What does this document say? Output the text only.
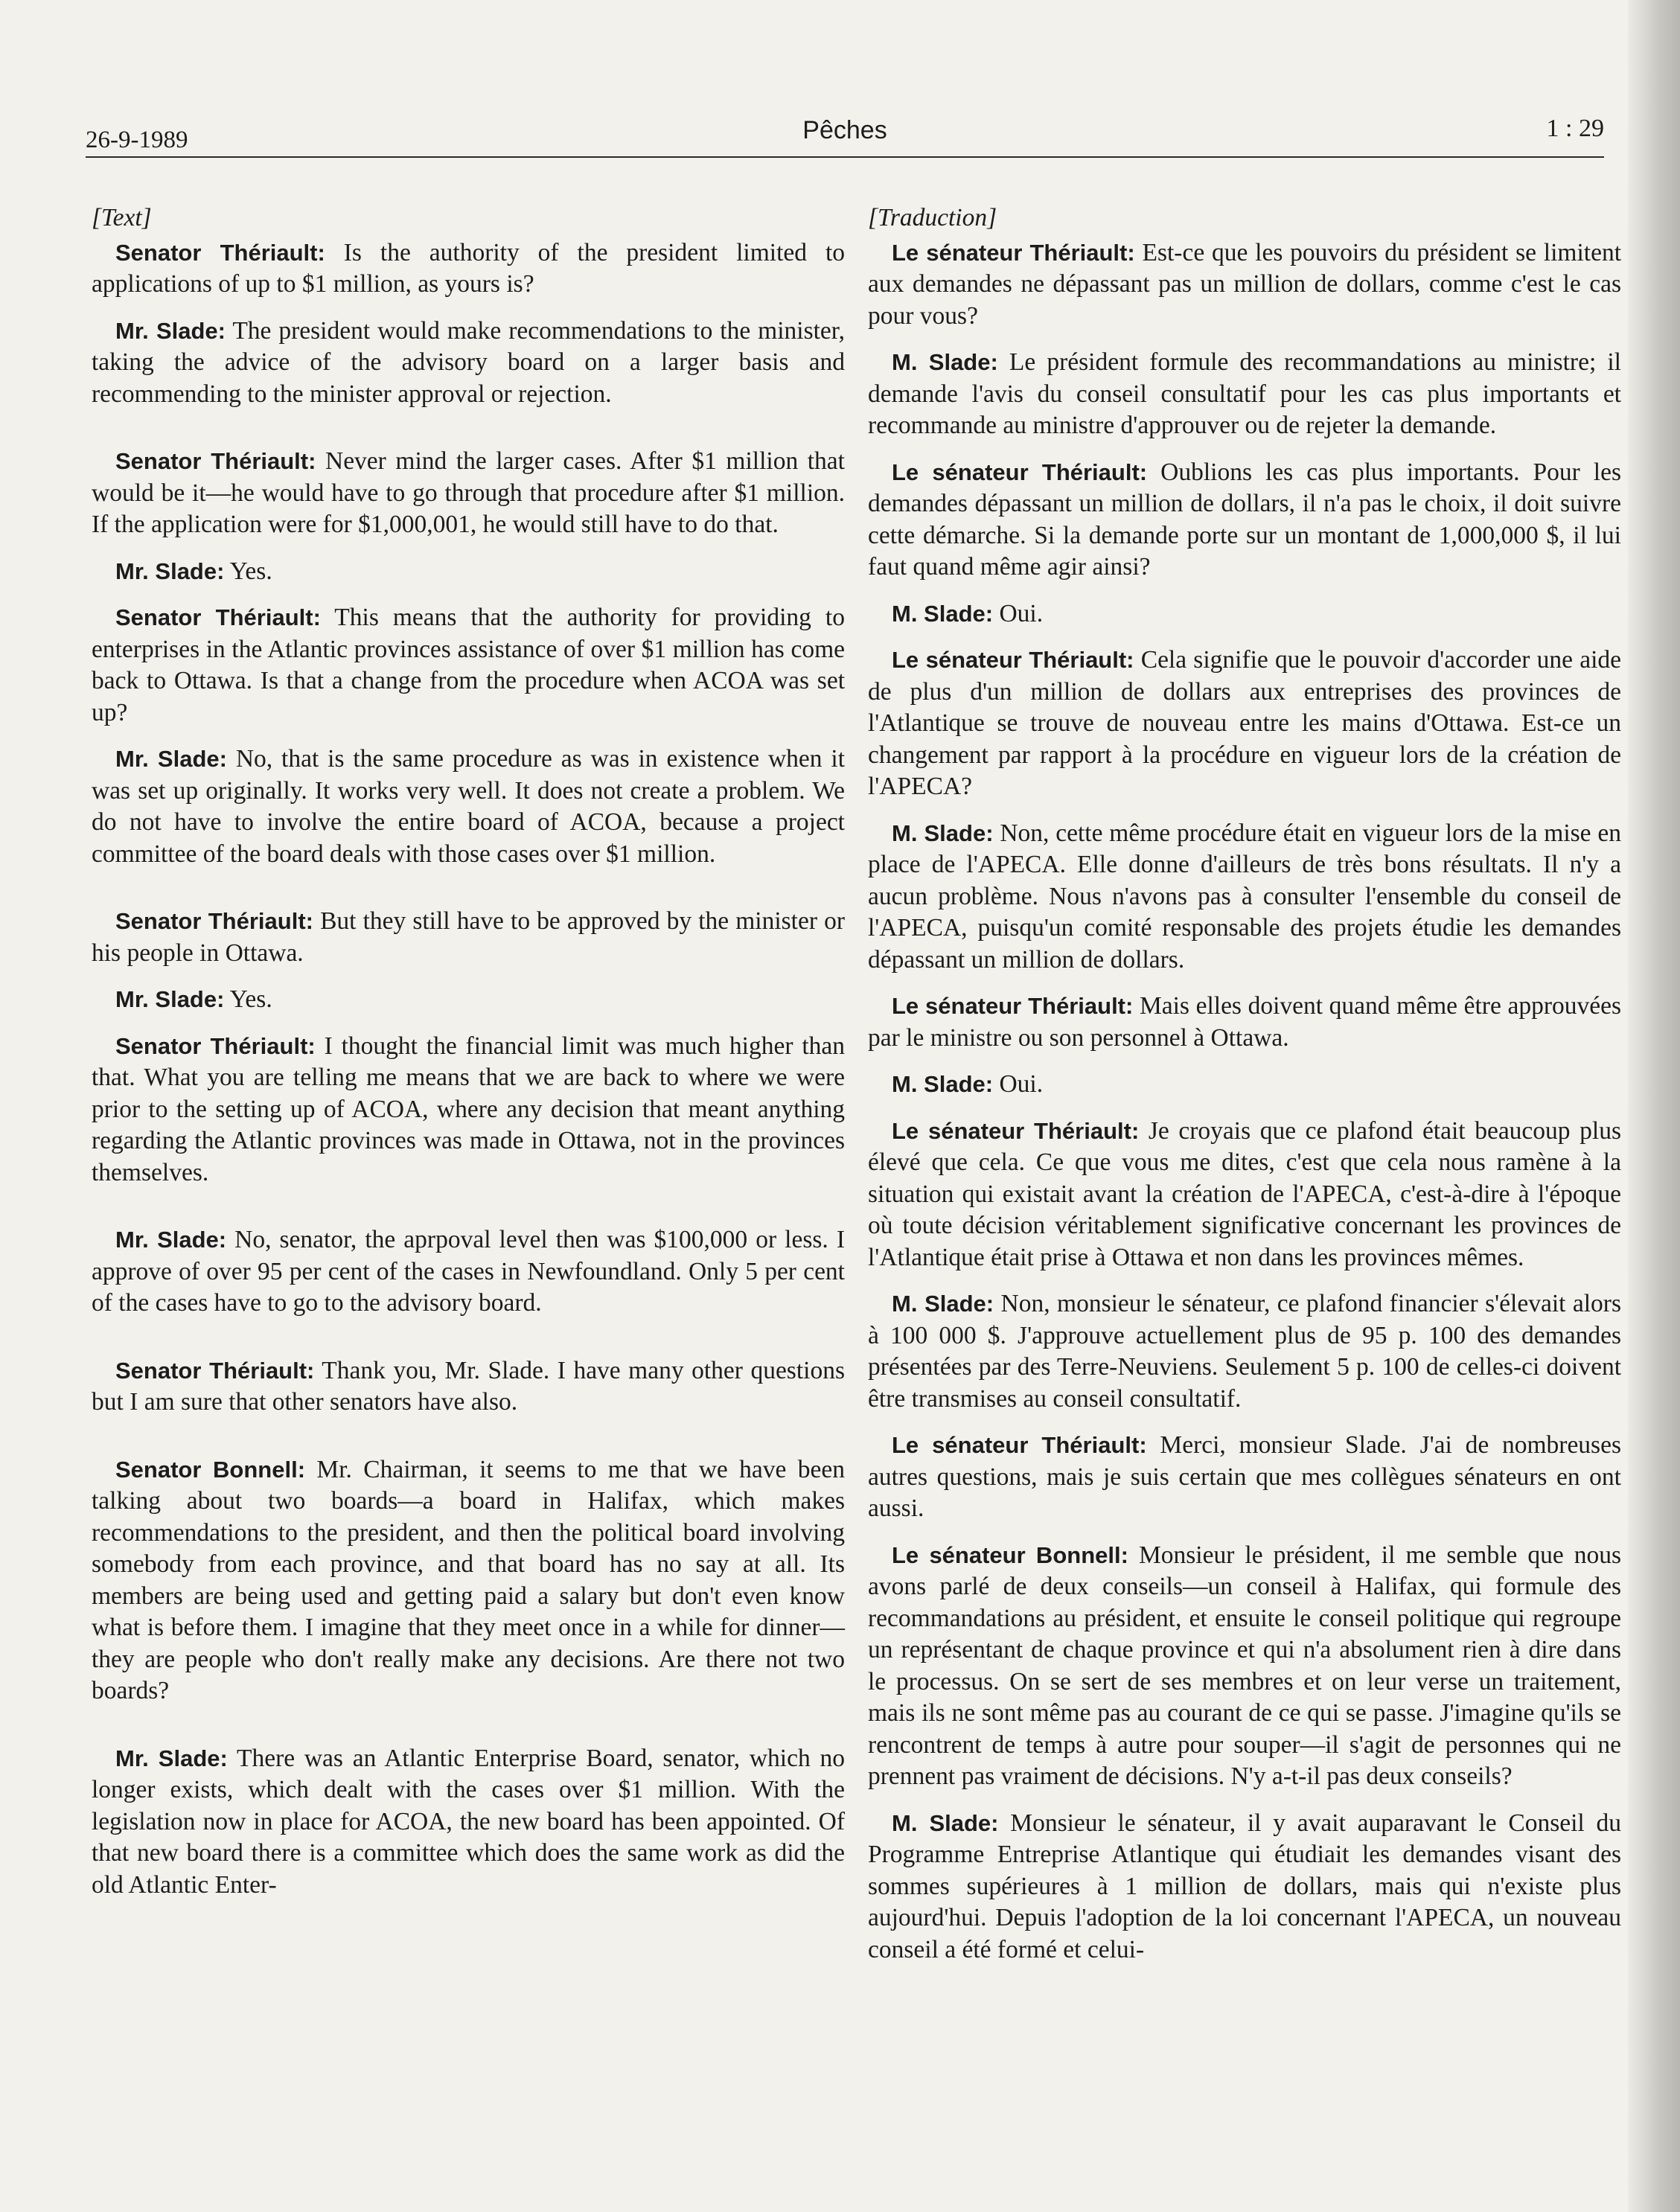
26-9-1989	Pêches	1 : 29
[Text]

Senator Thériault: Is the authority of the president limited to applications of up to $1 million, as yours is?

Mr. Slade: The president would make recommendations to the minister, taking the advice of the advisory board on a larger basis and recommending to the minister approval or rejection.

Senator Thériault: Never mind the larger cases. After $1 million that would be it—he would have to go through that procedure after $1 million. If the application were for $1,000,001, he would still have to do that.

Mr. Slade: Yes.

Senator Thériault: This means that the authority for providing to enterprises in the Atlantic provinces assistance of over $1 million has come back to Ottawa. Is that a change from the procedure when ACOA was set up?

Mr. Slade: No, that is the same procedure as was in existence when it was set up originally. It works very well. It does not create a problem. We do not have to involve the entire board of ACOA, because a project committee of the board deals with those cases over $1 million.

Senator Thériault: But they still have to be approved by the minister or his people in Ottawa.

Mr. Slade: Yes.

Senator Thériault: I thought the financial limit was much higher than that. What you are telling me means that we are back to where we were prior to the setting up of ACOA, where any decision that meant anything regarding the Atlantic provinces was made in Ottawa, not in the provinces themselves.

Mr. Slade: No, senator, the aprpoval level then was $100,000 or less. I approve of over 95 per cent of the cases in Newfoundland. Only 5 per cent of the cases have to go to the advisory board.

Senator Thériault: Thank you, Mr. Slade. I have many other questions but I am sure that other senators have also.

Senator Bonnell: Mr. Chairman, it seems to me that we have been talking about two boards—a board in Halifax, which makes recommendations to the president, and then the political board involving somebody from each province, and that board has no say at all. Its members are being used and getting paid a salary but don't even know what is before them. I imagine that they meet once in a while for dinner—they are people who don't really make any decisions. Are there not two boards?

Mr. Slade: There was an Atlantic Enterprise Board, senator, which no longer exists, which dealt with the cases over $1 million. With the legislation now in place for ACOA, the new board has been appointed. Of that new board there is a committee which does the same work as did the old Atlantic Enter-

[Traduction]

Le sénateur Thériault: Est-ce que les pouvoirs du président se limitent aux demandes ne dépassant pas un million de dollars, comme c'est le cas pour vous?

M. Slade: Le président formule des recommandations au ministre; il demande l'avis du conseil consultatif pour les cas plus importants et recommande au ministre d'approuver ou de rejeter la demande.

Le sénateur Thériault: Oublions les cas plus importants. Pour les demandes dépassant un million de dollars, il n'a pas le choix, il doit suivre cette démarche. Si la demande porte sur un montant de 1,000,000 $, il lui faut quand même agir ainsi?

M. Slade: Oui.

Le sénateur Thériault: Cela signifie que le pouvoir d'accorder une aide de plus d'un million de dollars aux entreprises des provinces de l'Atlantique se trouve de nouveau entre les mains d'Ottawa. Est-ce un changement par rapport à la procédure en vigueur lors de la création de l'APECA?

M. Slade: Non, cette même procédure était en vigueur lors de la mise en place de l'APECA. Elle donne d'ailleurs de très bons résultats. Il n'y a aucun problème. Nous n'avons pas à consulter l'ensemble du conseil de l'APECA, puisqu'un comité responsable des projets étudie les demandes dépassant un million de dollars.

Le sénateur Thériault: Mais elles doivent quand même être approuvées par le ministre ou son personnel à Ottawa.

M. Slade: Oui.

Le sénateur Thériault: Je croyais que ce plafond était beaucoup plus élevé que cela. Ce que vous me dites, c'est que cela nous ramène à la situation qui existait avant la création de l'APECA, c'est-à-dire à l'époque où toute décision véritablement significative concernant les provinces de l'Atlantique était prise à Ottawa et non dans les provinces mêmes.

M. Slade: Non, monsieur le sénateur, ce plafond financier s'élevait alors à 100 000 $. J'approuve actuellement plus de 95 p. 100 des demandes présentées par des Terre-Neuviens. Seulement 5 p. 100 de celles-ci doivent être transmises au conseil consultatif.

Le sénateur Thériault: Merci, monsieur Slade. J'ai de nombreuses autres questions, mais je suis certain que mes collègues sénateurs en ont aussi.

Le sénateur Bonnell: Monsieur le président, il me semble que nous avons parlé de deux conseils—un conseil à Halifax, qui formule des recommandations au président, et ensuite le conseil politique qui regroupe un représentant de chaque province et qui n'a absolument rien à dire dans le processus. On se sert de ses membres et on leur verse un traitement, mais ils ne sont même pas au courant de ce qui se passe. J'imagine qu'ils se rencontrent de temps à autre pour souper—il s'agit de personnes qui ne prennent pas vraiment de décisions. N'y a-t-il pas deux conseils?

M. Slade: Monsieur le sénateur, il y avait auparavant le Conseil du Programme Entreprise Atlantique qui étudiait les demandes visant des sommes supérieures à 1 million de dollars, mais qui n'existe plus aujourd'hui. Depuis l'adoption de la loi concernant l'APECA, un nouveau conseil a été formé et celui-
